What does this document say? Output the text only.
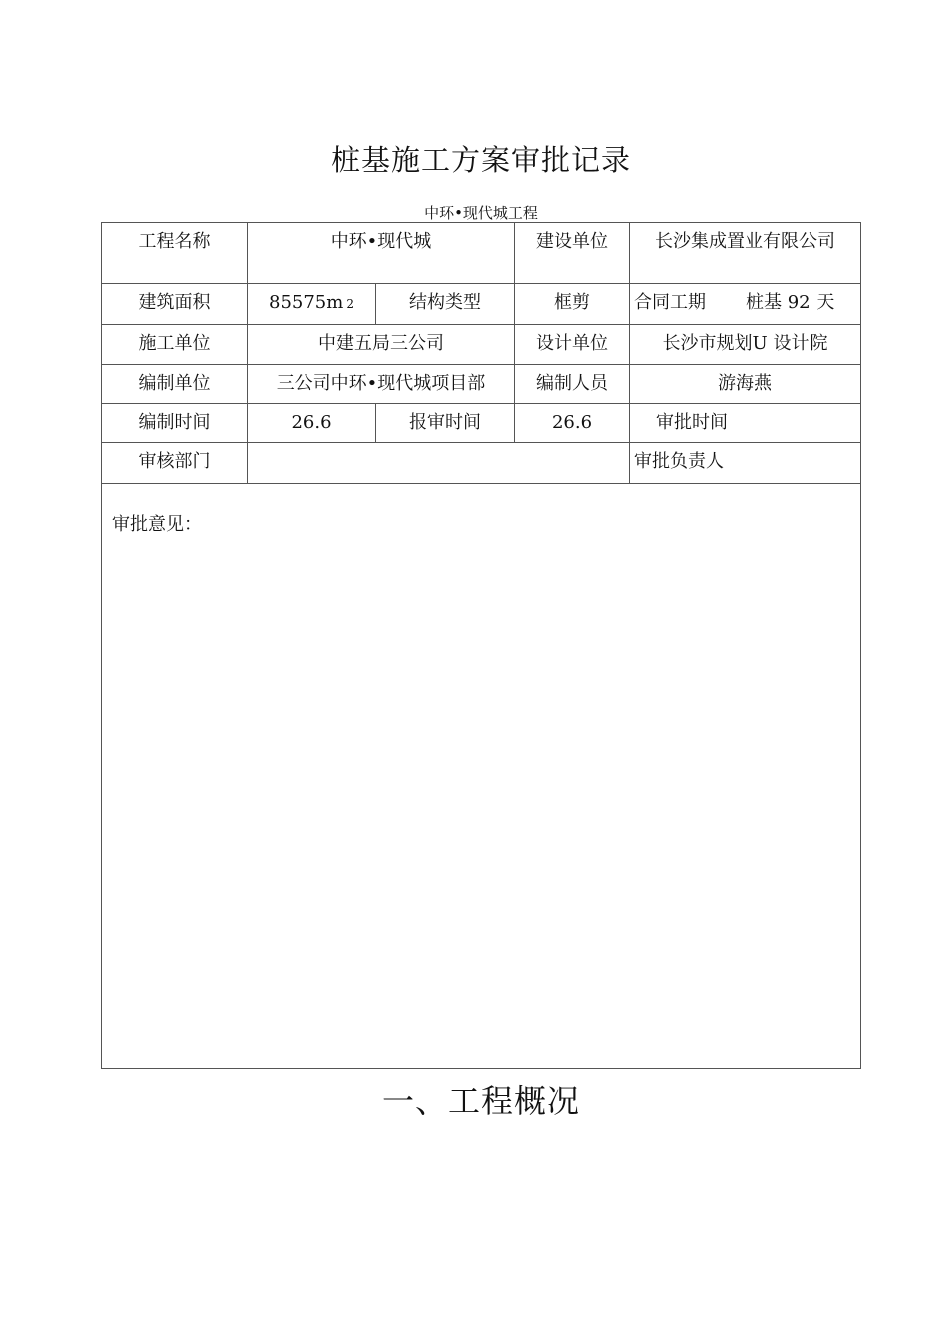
桩基施工方案审批记录
中环•现代城工程
工程名称	中环•现代城		建设单位	长沙集成置业有限公司

建筑面积	85575m 2	结构类型	框剪	合同工期 桩基 92 天

施工单位	中建五局三公司		设计单位	长沙市规划U 设计院

编制单位	三公司中环•现代城项目部		编制人员	游海燕

编制时间	26.6	报审时间	26.6	审批时间

审核部门				审批负责人

审批意见：				
一、工程概况
